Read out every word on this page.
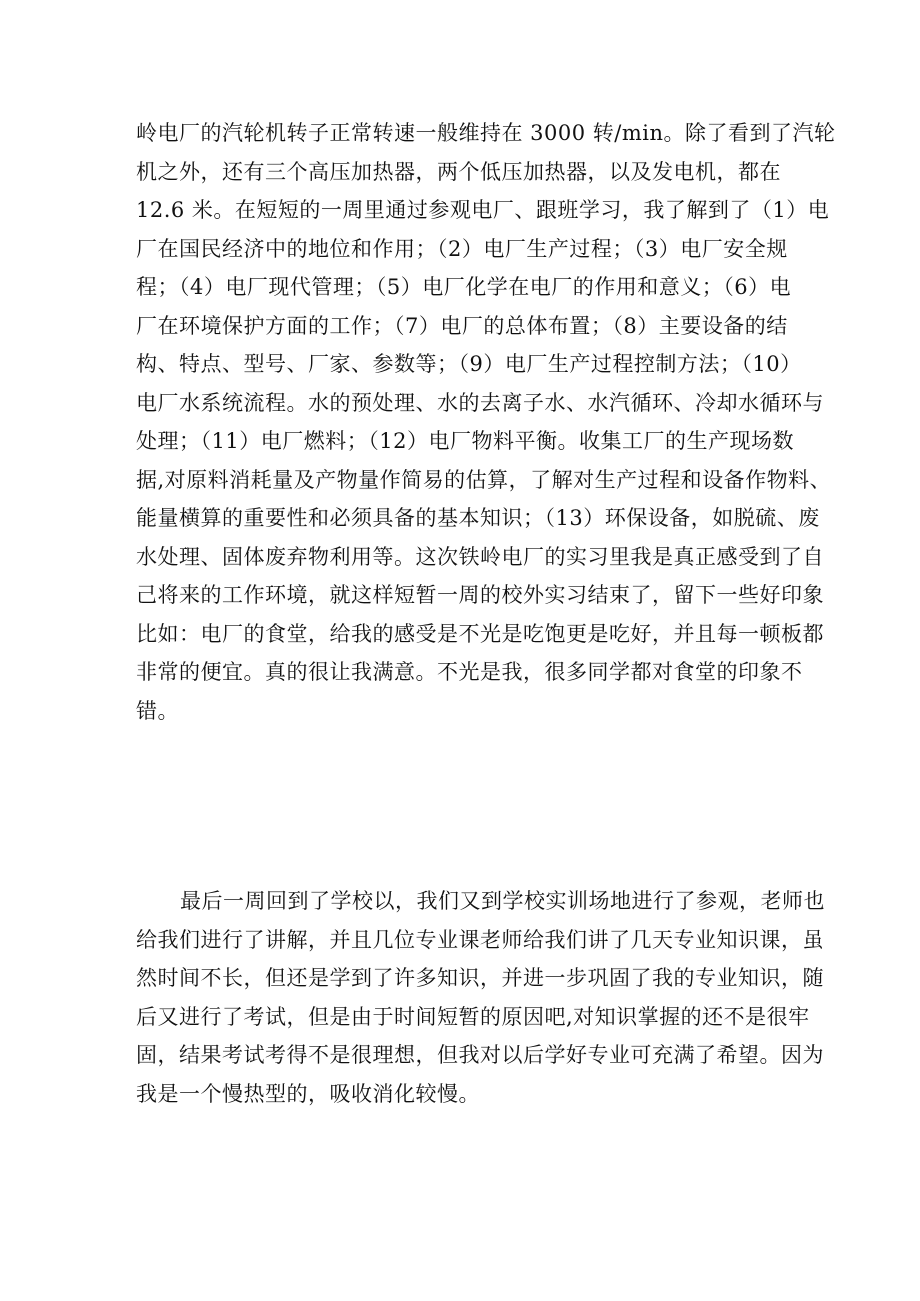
岭电厂的汽轮机转子正常转速一般维持在 3000 转/min。除了看到了汽轮
机之外，还有三个高压加热器，两个低压加热器，以及发电机，都在
12.6 米。在短短的一周里通过参观电厂、跟班学习，我了解到了（1）电
厂在国民经济中的地位和作用；（2）电厂生产过程；（3）电厂安全规
程；（4）电厂现代管理；（5）电厂化学在电厂的作用和意义；（6）电
厂在环境保护方面的工作；（7）电厂的总体布置；（8）主要设备的结
构、特点、型号、厂家、参数等；（9）电厂生产过程控制方法；（10）
电厂水系统流程。水的预处理、水的去离子水、水汽循环、冷却水循环与
处理；（11）电厂燃料；（12）电厂物料平衡。收集工厂的生产现场数
据,对原料消耗量及产物量作简易的估算，了解对生产过程和设备作物料、
能量横算的重要性和必须具备的基本知识；（13）环保设备，如脱硫、废
水处理、固体废弃物利用等。这次铁岭电厂的实习里我是真正感受到了自
己将来的工作环境，就这样短暂一周的校外实习结束了，留下一些好印象
比如：电厂的食堂，给我的感受是不光是吃饱更是吃好，并且每一顿板都
非常的便宜。真的很让我满意。不光是我，很多同学都对食堂的印象不
错。
最后一周回到了学校以，我们又到学校实训场地进行了参观，老师也
给我们进行了讲解，并且几位专业课老师给我们讲了几天专业知识课，虽
然时间不长，但还是学到了许多知识，并进一步巩固了我的专业知识，随
后又进行了考试，但是由于时间短暂的原因吧,对知识掌握的还不是很牢
固，结果考试考得不是很理想，但我对以后学好专业可充满了希望。因为
我是一个慢热型的，吸收消化较慢。
